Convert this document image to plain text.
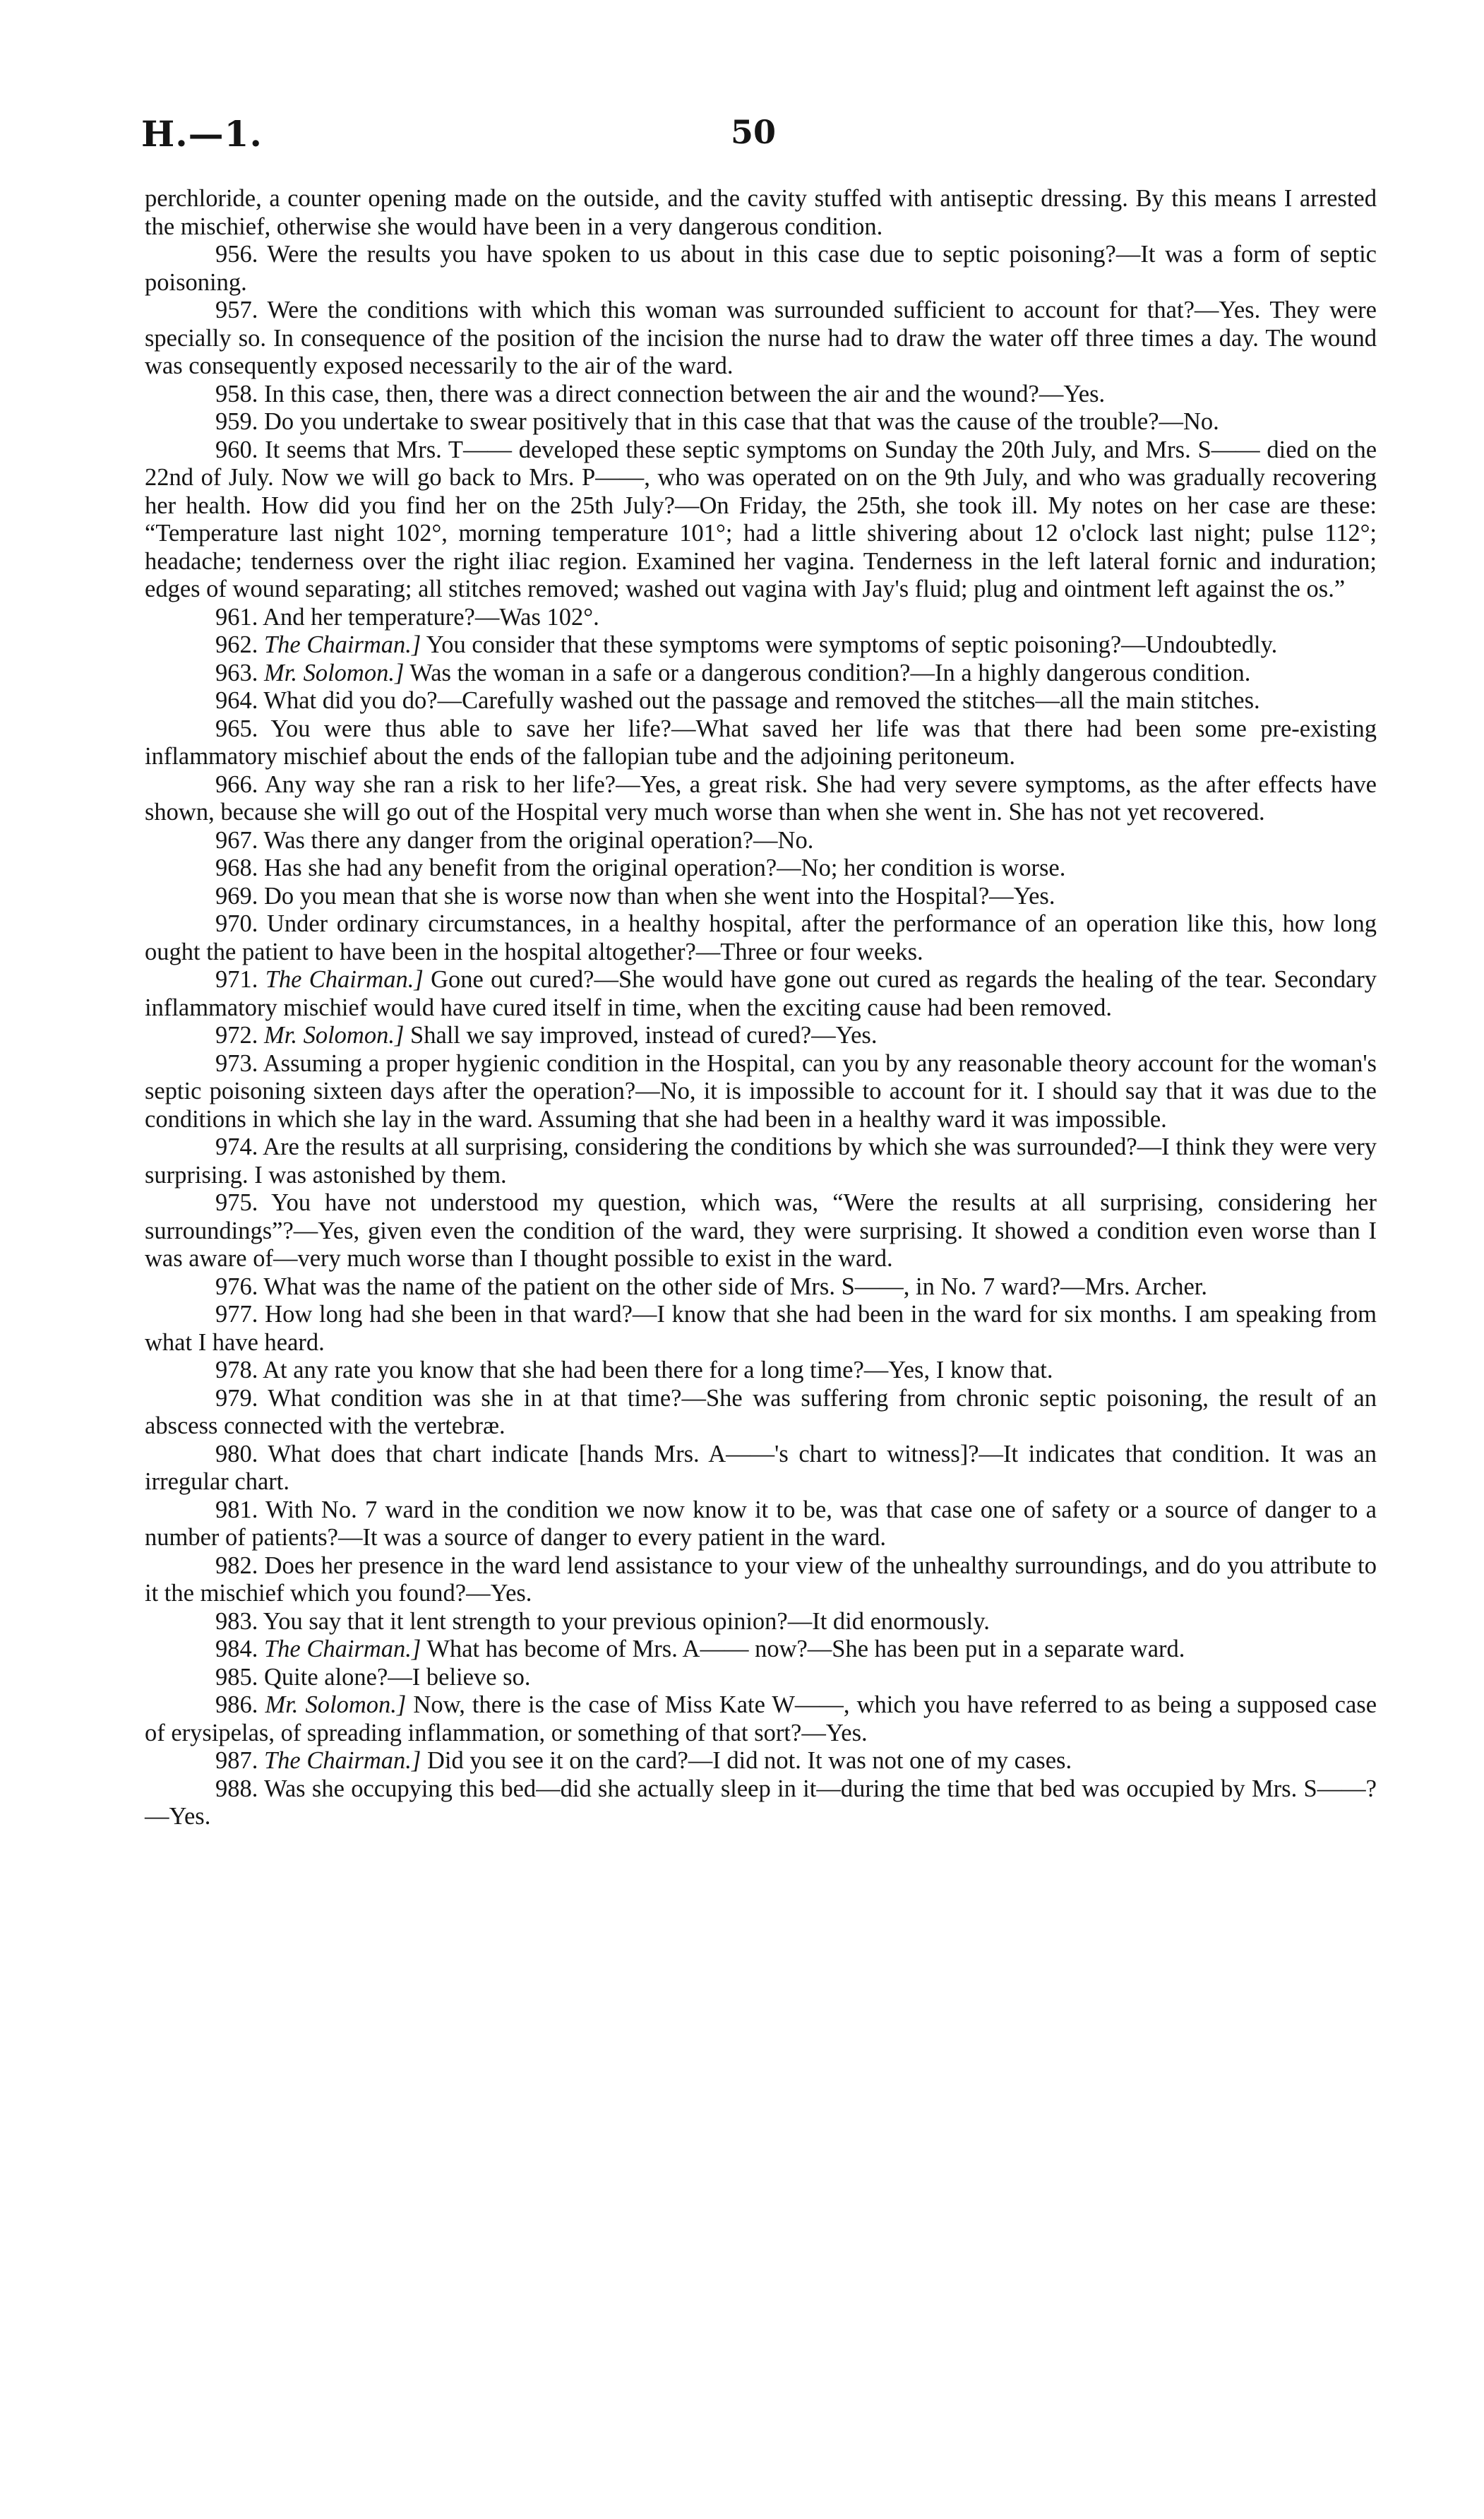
H.—1.	50

perchloride, a counter opening made on the outside, and the cavity stuffed with antiseptic dressing. By this means I arrested the mischief, otherwise she would have been in a very dangerous condition.

956. Were the results you have spoken to us about in this case due to septic poisoning?—It was a form of septic poisoning.

957. Were the conditions with which this woman was surrounded sufficient to account for that?—Yes. They were specially so. In consequence of the position of the incision the nurse had to draw the water off three times a day. The wound was consequently exposed necessarily to the air of the ward.

958. In this case, then, there was a direct connection between the air and the wound?—Yes.

959. Do you undertake to swear positively that in this case that that was the cause of the trouble?—No.

960. It seems that Mrs. T—— developed these septic symptoms on Sunday the 20th July, and Mrs. S—— died on the 22nd of July. Now we will go back to Mrs. P——, who was operated on on the 9th July, and who was gradually recovering her health. How did you find her on the 25th July?—On Friday, the 25th, she took ill. My notes on her case are these: “Temperature last night 102°, morning temperature 101°; had a little shivering about 12 o'clock last night; pulse 112°; headache; tenderness over the right iliac region. Examined her vagina. Tenderness in the left lateral fornic and induration; edges of wound separating; all stitches removed; washed out vagina with Jay's fluid; plug and ointment left against the os.”

961. And her temperature?—Was 102°.

962. The Chairman.] You consider that these symptoms were symptoms of septic poisoning?—Undoubtedly.

963. Mr. Solomon.] Was the woman in a safe or a dangerous condition?—In a highly dangerous condition.

964. What did you do?—Carefully washed out the passage and removed the stitches—all the main stitches.

965. You were thus able to save her life?—What saved her life was that there had been some pre-existing inflammatory mischief about the ends of the fallopian tube and the adjoining peritoneum.

966. Any way she ran a risk to her life?—Yes, a great risk. She had very severe symptoms, as the after effects have shown, because she will go out of the Hospital very much worse than when she went in. She has not yet recovered.

967. Was there any danger from the original operation?—No.

968. Has she had any benefit from the original operation?—No; her condition is worse.

969. Do you mean that she is worse now than when she went into the Hospital?—Yes.

970. Under ordinary circumstances, in a healthy hospital, after the performance of an operation like this, how long ought the patient to have been in the hospital altogether?—Three or four weeks.

971. The Chairman.] Gone out cured?—She would have gone out cured as regards the healing of the tear. Secondary inflammatory mischief would have cured itself in time, when the exciting cause had been removed.

972. Mr. Solomon.] Shall we say improved, instead of cured?—Yes.

973. Assuming a proper hygienic condition in the Hospital, can you by any reasonable theory account for the woman's septic poisoning sixteen days after the operation?—No, it is impossible to account for it. I should say that it was due to the conditions in which she lay in the ward. Assuming that she had been in a healthy ward it was impossible.

974. Are the results at all surprising, considering the conditions by which she was surrounded?—I think they were very surprising. I was astonished by them.

975. You have not understood my question, which was, “Were the results at all surprising, considering her surroundings”?—Yes, given even the condition of the ward, they were surprising. It showed a condition even worse than I was aware of—very much worse than I thought possible to exist in the ward.

976. What was the name of the patient on the other side of Mrs. S——, in No. 7 ward?—Mrs. Archer.

977. How long had she been in that ward?—I know that she had been in the ward for six months. I am speaking from what I have heard.

978. At any rate you know that she had been there for a long time?—Yes, I know that.

979. What condition was she in at that time?—She was suffering from chronic septic poisoning, the result of an abscess connected with the vertebræ.

980. What does that chart indicate [hands Mrs. A——'s chart to witness]?—It indicates that condition. It was an irregular chart.

981. With No. 7 ward in the condition we now know it to be, was that case one of safety or a source of danger to a number of patients?—It was a source of danger to every patient in the ward.

982. Does her presence in the ward lend assistance to your view of the unhealthy surroundings, and do you attribute to it the mischief which you found?—Yes.

983. You say that it lent strength to your previous opinion?—It did enormously.

984. The Chairman.] What has become of Mrs. A—— now?—She has been put in a separate ward.

985. Quite alone?—I believe so.

986. Mr. Solomon.] Now, there is the case of Miss Kate W——, which you have referred to as being a supposed case of erysipelas, of spreading inflammation, or something of that sort?—Yes.

987. The Chairman.] Did you see it on the card?—I did not. It was not one of my cases.

988. Was she occupying this bed—did she actually sleep in it—during the time that bed was occupied by Mrs. S——?—Yes.
